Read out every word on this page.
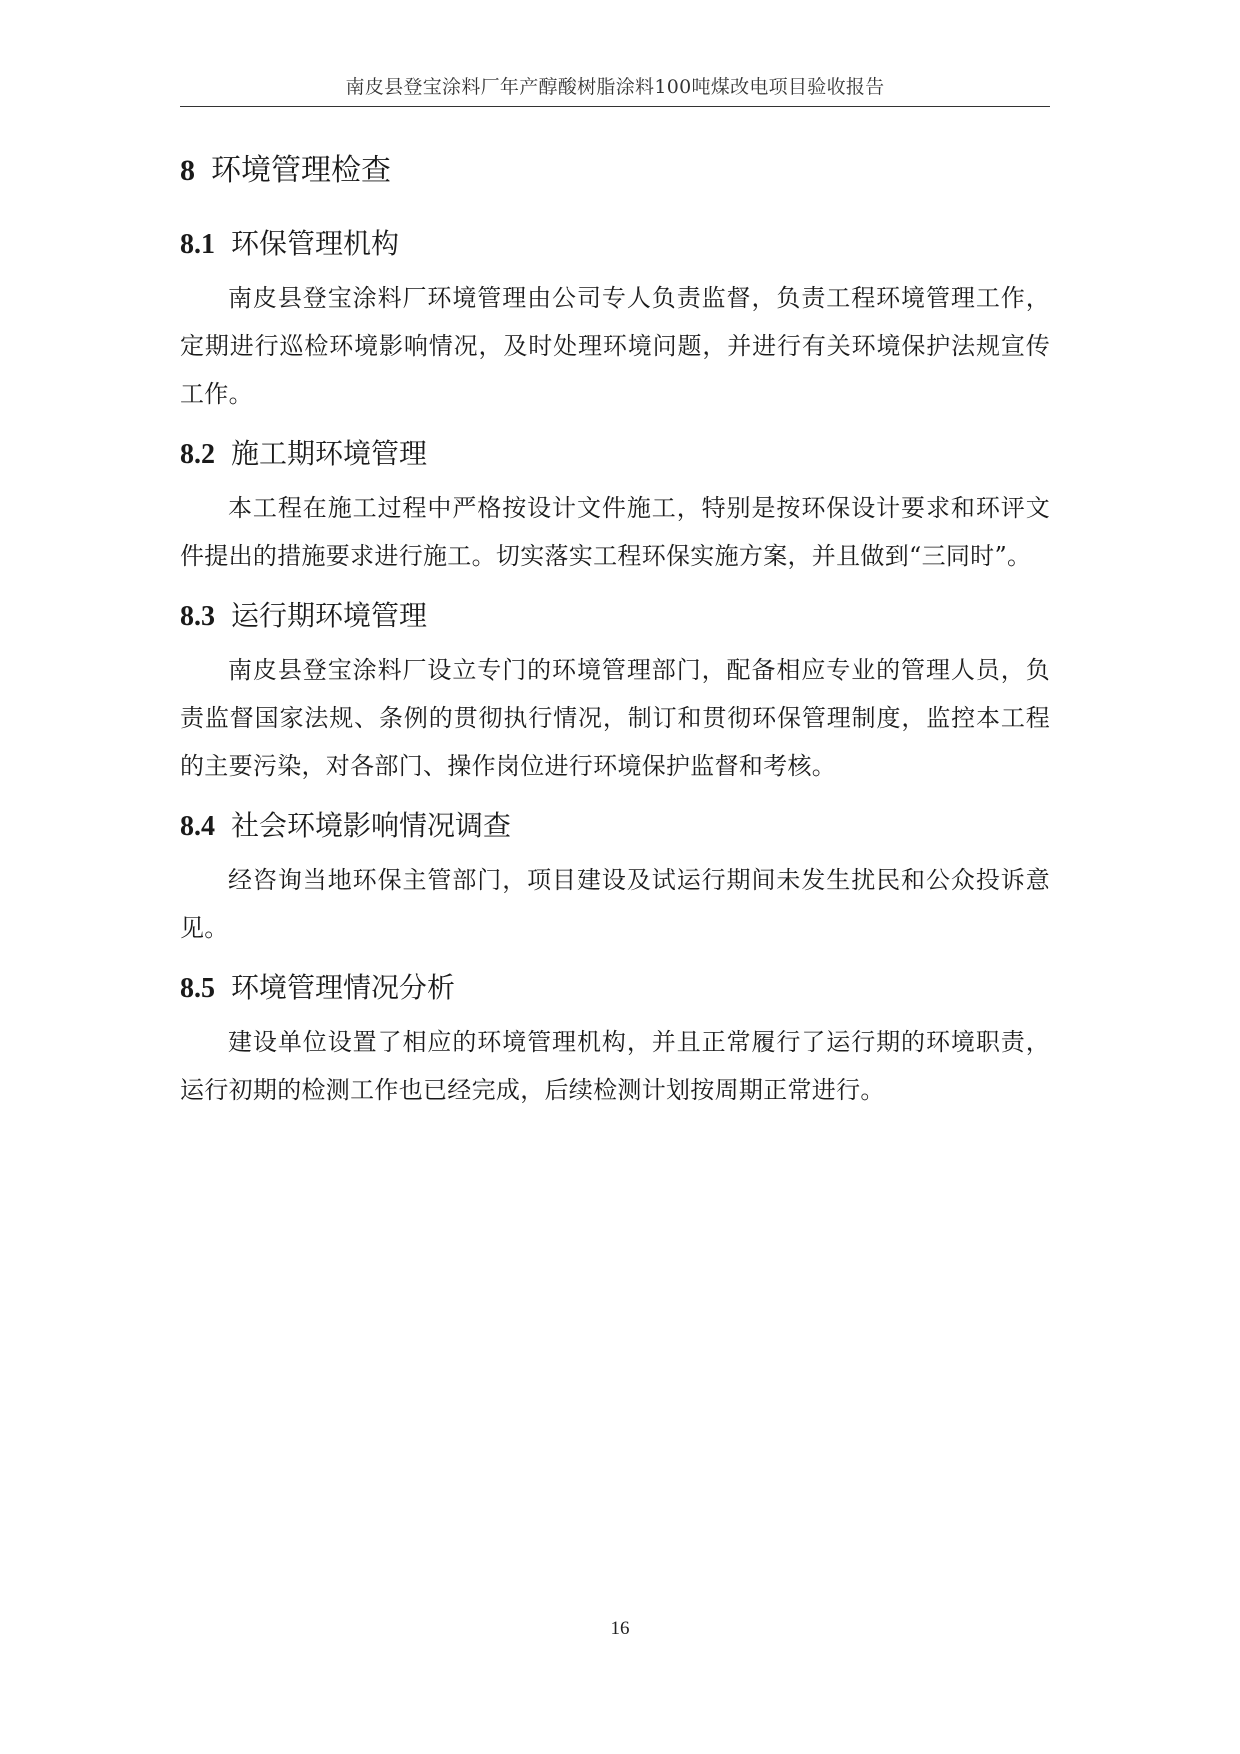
南皮县登宝涂料厂年产醇酸树脂涂料100吨煤改电项目验收报告
8 环境管理检查
8.1 环保管理机构

南皮县登宝涂料厂环境管理由公司专人负责监督，负责工程环境管理工作，定期进行巡检环境影响情况，及时处理环境问题，并进行有关环境保护法规宣传工作。

8.2 施工期环境管理

本工程在施工过程中严格按设计文件施工，特别是按环保设计要求和环评文件提出的措施要求进行施工。切实落实工程环保实施方案，并且做到“三同时”。

8.3 运行期环境管理

南皮县登宝涂料厂设立专门的环境管理部门，配备相应专业的管理人员，负责监督国家法规、条例的贯彻执行情况，制订和贯彻环保管理制度，监控本工程的主要污染，对各部门、操作岗位进行环境保护监督和考核。

8.4 社会环境影响情况调查

经咨询当地环保主管部门，项目建设及试运行期间未发生扰民和公众投诉意见。

8.5 环境管理情况分析

建设单位设置了相应的环境管理机构，并且正常履行了运行期的环境职责，运行初期的检测工作也已经完成，后续检测计划按周期正常进行。

16
